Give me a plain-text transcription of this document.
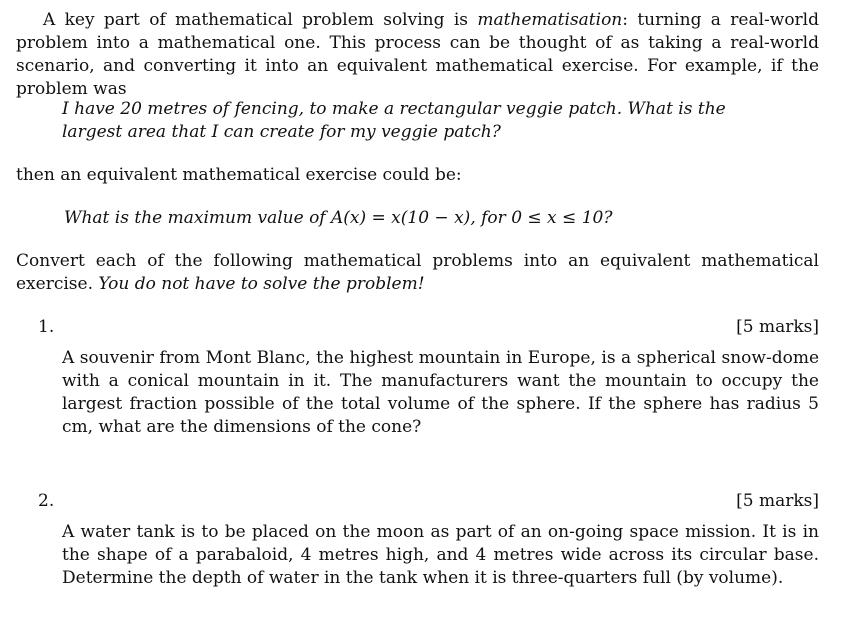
A key part of mathematical problem solving is mathematisation: turning a real-world problem into a mathematical one. This process can be thought of as taking a real-world scenario, and converting it into an equivalent mathematical exercise. For example, if the problem was

I have 20 metres of fencing, to make a rectangular veggie patch. What is the largest area that I can create for my veggie patch?

then an equivalent mathematical exercise could be:

What is the maximum value of A(x) = x(10 − x), for 0 ≤ x ≤ 10?

Convert each of the following mathematical problems into an equivalent mathematical exercise. You do not have to solve the problem!

1.	[5 marks]

A souvenir from Mont Blanc, the highest mountain in Europe, is a spherical snow-dome with a conical mountain in it. The manufacturers want the mountain to occupy the largest fraction possible of the total volume of the sphere. If the sphere has radius 5 cm, what are the dimensions of the cone?

2.	[5 marks]

A water tank is to be placed on the moon as part of an on-going space mission. It is in the shape of a parabaloid, 4 metres high, and 4 metres wide across its circular base. Determine the depth of water in the tank when it is three-quarters full (by volume).
